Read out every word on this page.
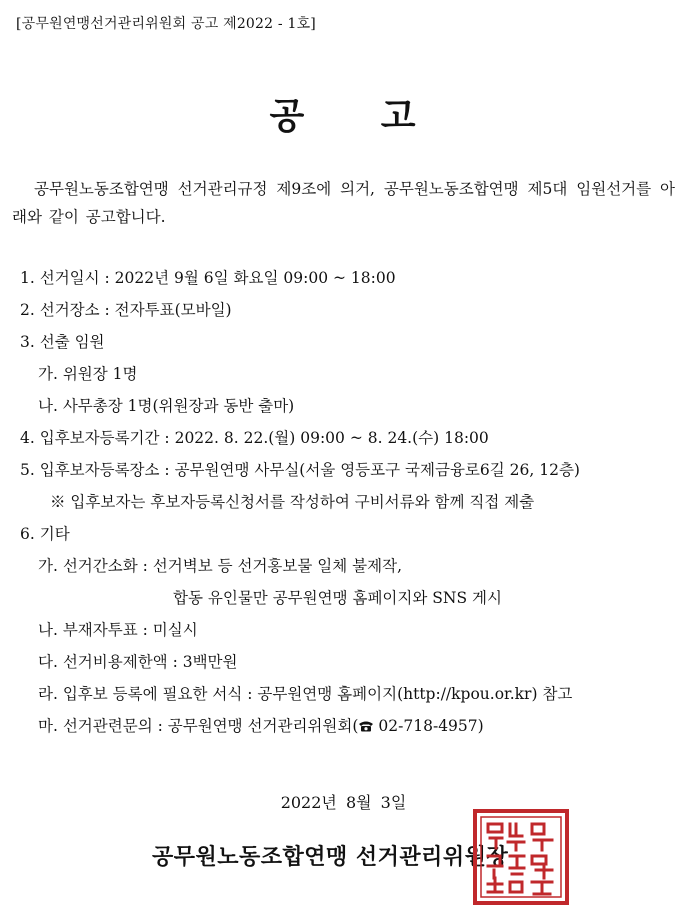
[공무원연맹선거관리위원회 공고 제2022 - 1호]
공 고
공무원노동조합연맹 선거관리규정 제9조에 의거, 공무원노동조합연맹 제5대 임원선거를 아래와 같이 공고합니다.
1. 선거일시 : 2022년 9월 6일 화요일 09:00 ~ 18:00
2. 선거장소 : 전자투표(모바일)
3. 선출 임원
가. 위원장 1명
나. 사무총장 1명(위원장과 동반 출마)
4. 입후보자등록기간 : 2022. 8. 22.(월) 09:00 ~ 8. 24.(수) 18:00
5. 입후보자등록장소 : 공무원연맹 사무실(서울 영등포구 국제금융로6길 26, 12층)
※ 입후보자는 후보자등록신청서를 작성하여 구비서류와 함께 직접 제출
6. 기타
가. 선거간소화 : 선거벽보 등 선거홍보물 일체 불제작,
합동 유인물만 공무원연맹 홈페이지와 SNS 게시
나. 부재자투표 : 미실시
다. 선거비용제한액 : 3백만원
라. 입후보 등록에 필요한 서식 : 공무원연맹 홈페이지(http://kpou.or.kr) 참고
마. 선거관련문의 : 공무원연맹 선거관리위원회( 02-718-4957)
2022년 8월 3일
공무원노동조합연맹 선거관리위원장
